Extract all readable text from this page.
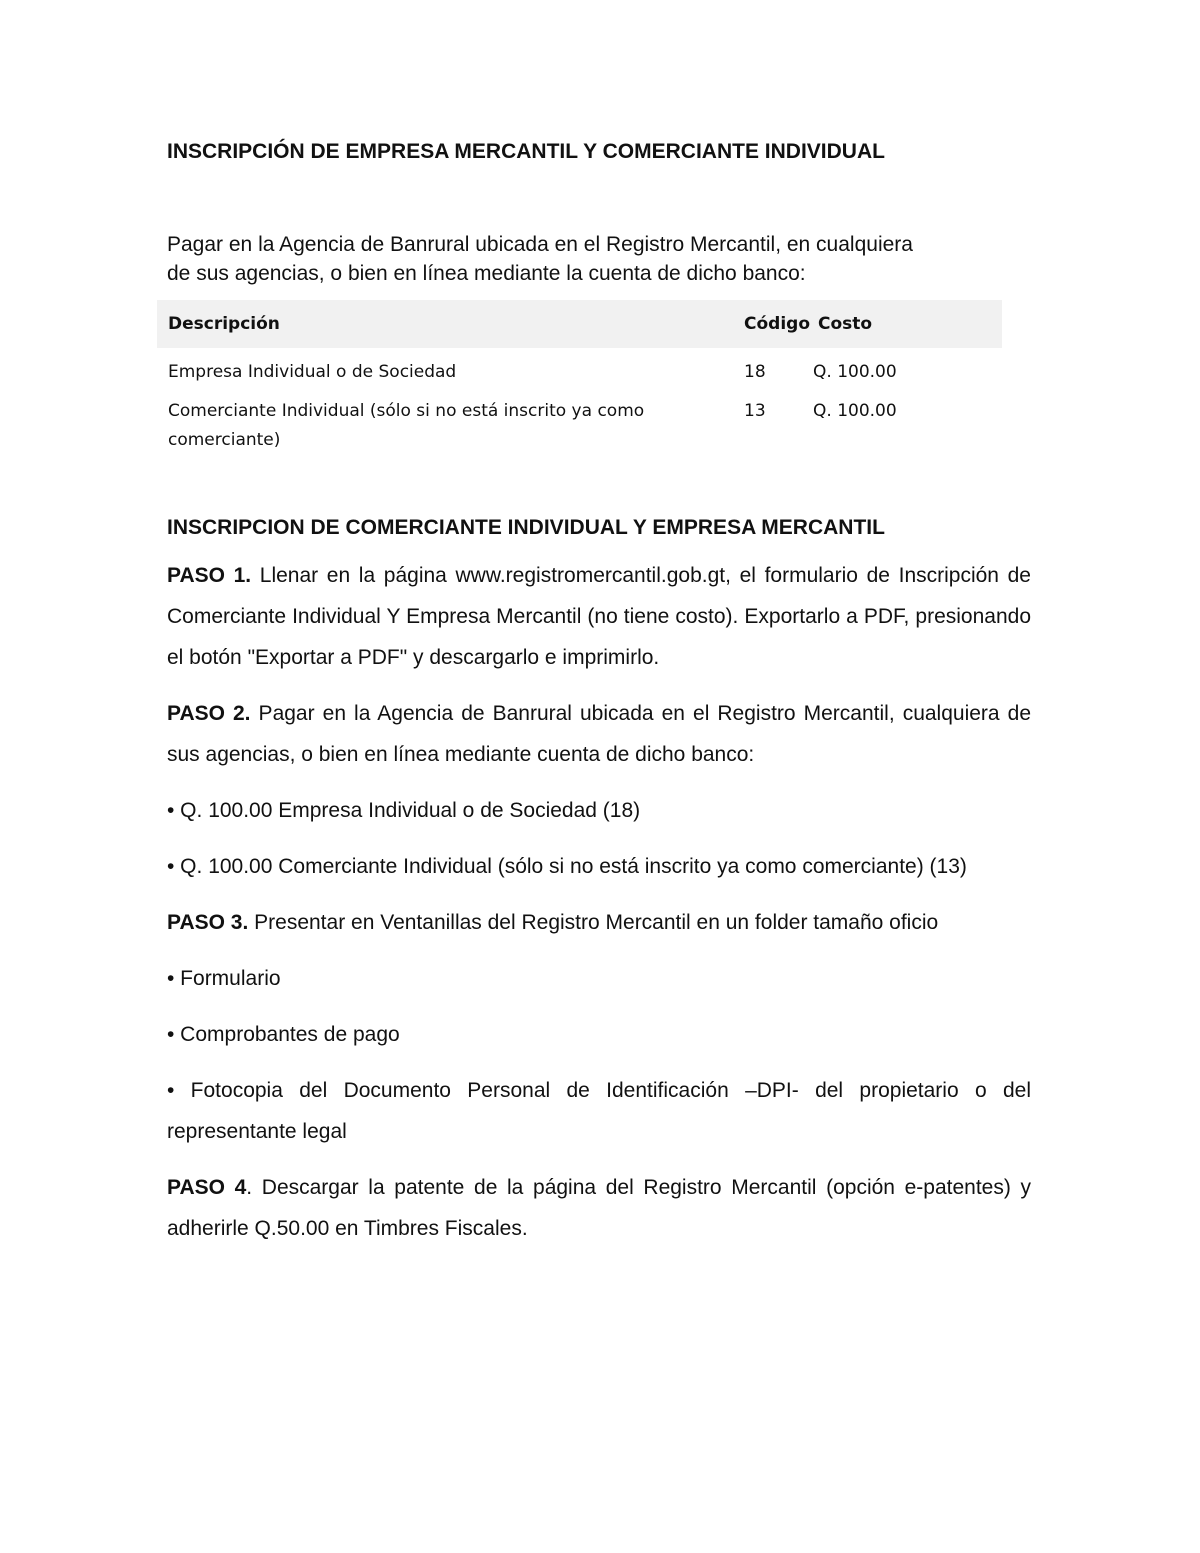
INSCRIPCIÓN DE EMPRESA MERCANTIL Y COMERCIANTE INDIVIDUAL
Pagar en la Agencia de Banrural ubicada en el Registro Mercantil, en cualquiera
de sus agencias, o bien en línea mediante la cuenta de dicho banco:
Descripción	Código	Costo
Empresa Individual o de Sociedad	18	Q. 100.00
Comerciante Individual (sólo si no está inscrito ya como comerciante)	13	Q. 100.00
INSCRIPCION DE COMERCIANTE INDIVIDUAL Y EMPRESA MERCANTIL

PASO 1. Llenar en la página www.registromercantil.gob.gt, el formulario de Inscripción de Comerciante Individual Y Empresa Mercantil (no tiene costo). Exportarlo a PDF, presionando el botón "Exportar a PDF" y descargarlo e imprimirlo.

PASO 2. Pagar en la Agencia de Banrural ubicada en el Registro Mercantil, cualquiera de sus agencias, o bien en línea mediante cuenta de dicho banco:

• Q. 100.00 Empresa Individual o de Sociedad (18)

• Q. 100.00 Comerciante Individual (sólo si no está inscrito ya como comerciante) (13)

PASO 3. Presentar en Ventanillas del Registro Mercantil en un folder tamaño oficio

• Formulario

• Comprobantes de pago

• Fotocopia del Documento Personal de Identificación –DPI- del propietario o del representante legal

PASO 4. Descargar la patente de la página del Registro Mercantil (opción e-patentes) y adherirle Q.50.00 en Timbres Fiscales.
